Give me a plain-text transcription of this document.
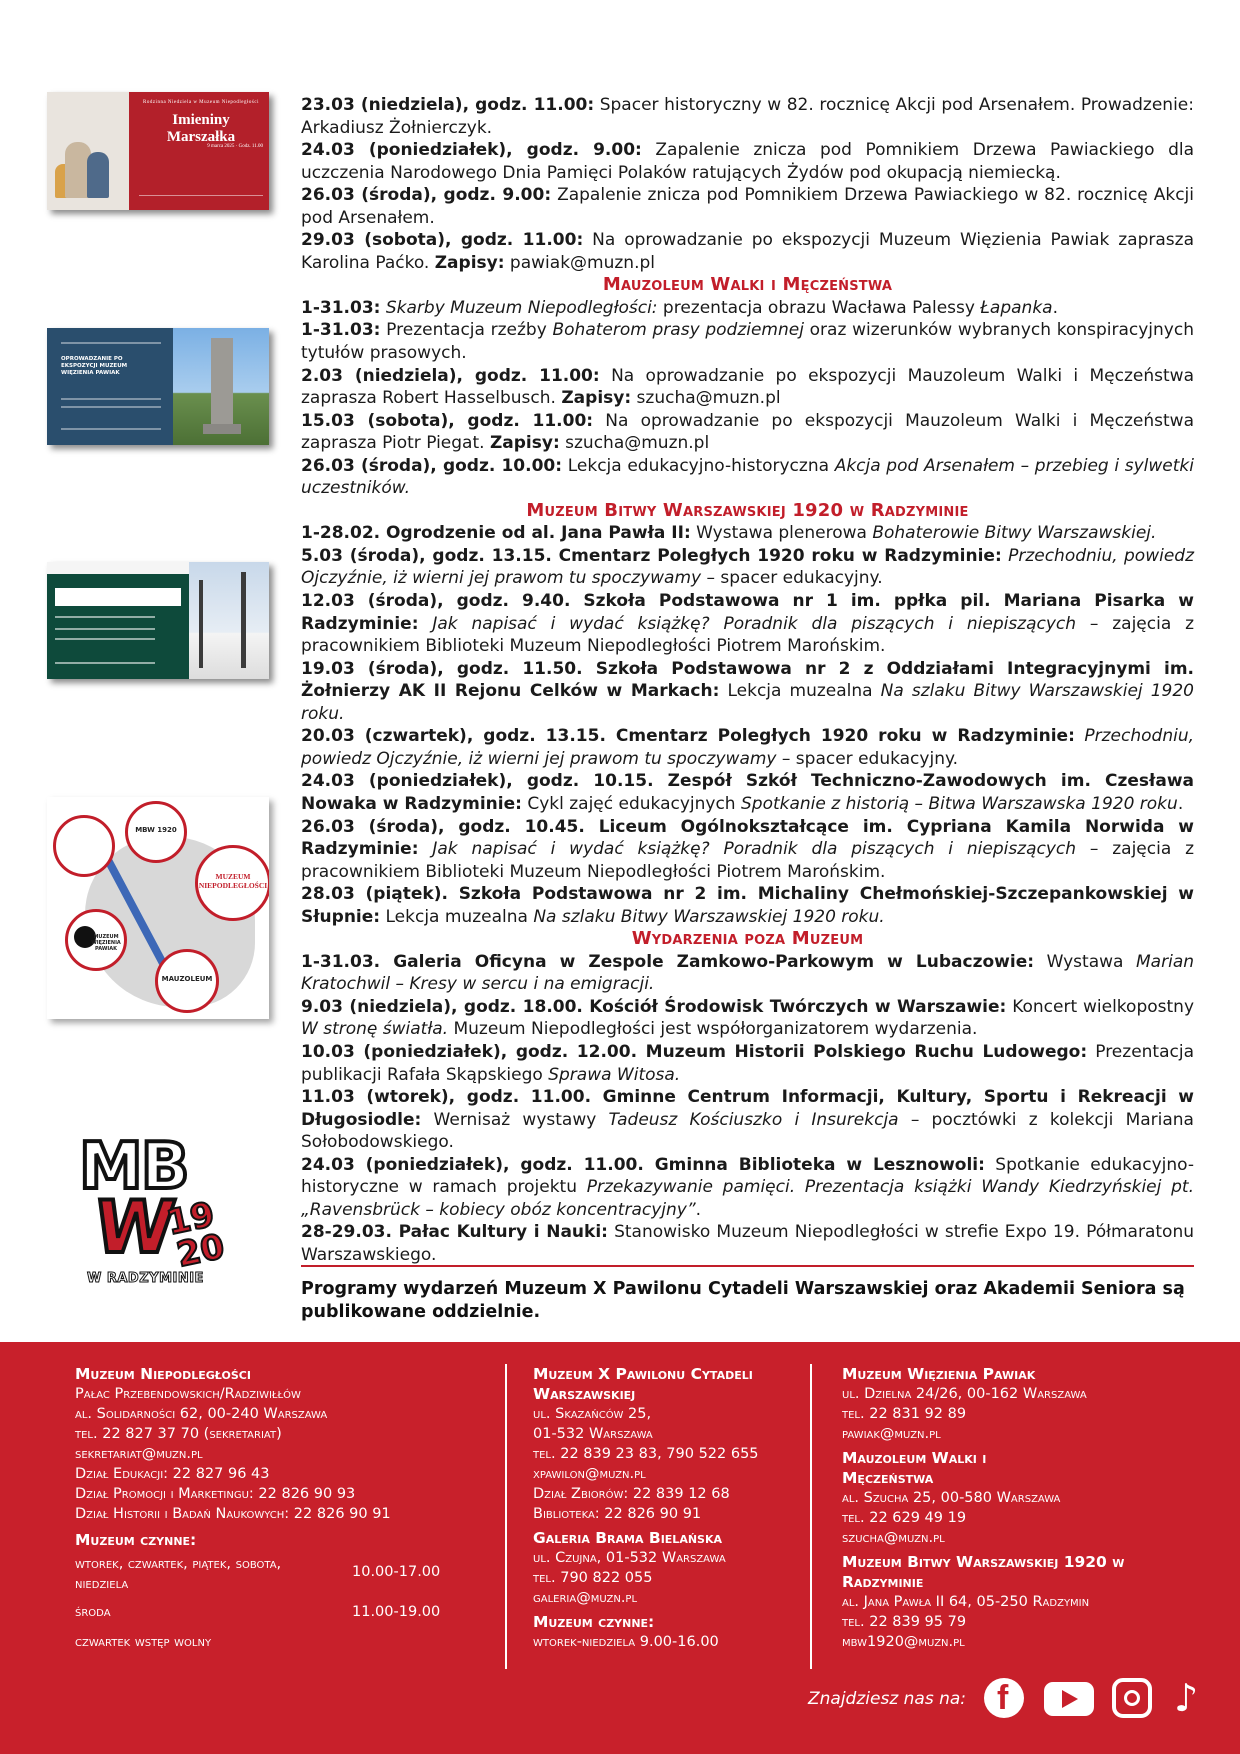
Rodzinna Niedziela w Muzeum Niepodległości
Imieniny Marszałka
9 marca 2025 · Godz. 11.00
OPROWADZANIE PO EKSPOZYCJI MUZEUM WIĘZIENIA PAWIAK
MBW 1920
MUZEUM NIEPODLEGŁOŚCI
MUZEUM WIĘZIENIA PAWIAK
MAUZOLEUM
MB
W
19
20
W RADZYMINIE

23.03 (niedziela), godz. 11.00: Spacer historyczny w 82. rocznicę Akcji pod Arsenałem. Prowadzenie: Arkadiusz Żołnierczyk.

24.03 (poniedziałek), godz. 9.00: Zapalenie znicza pod Pomnikiem Drzewa Pawiackiego dla uczczenia Narodowego Dnia Pamięci Polaków ratujących Żydów pod okupacją niemiecką.

26.03 (środa), godz. 9.00: Zapalenie znicza pod Pomnikiem Drzewa Pawiackiego w 82. rocznicę Akcji pod Arsenałem.

29.03 (sobota), godz. 11.00: Na oprowadzanie po ekspozycji Muzeum Więzienia Pawiak zaprasza Karolina Paćko. Zapisy: pawiak@muzn.pl

Mauzoleum Walki i Męczeństwa

1-31.03: Skarby Muzeum Niepodległości: prezentacja obrazu Wacława Palessy Łapanka.

1-31.03: Prezentacja rzeźby Bohaterom prasy podziemnej oraz wizerunków wybranych konspiracyjnych tytułów prasowych.

2.03 (niedziela), godz. 11.00: Na oprowadzanie po ekspozycji Mauzoleum Walki i Męczeństwa zaprasza Robert Hasselbusch. Zapisy: szucha@muzn.pl

15.03 (sobota), godz. 11.00: Na oprowadzanie po ekspozycji Mauzoleum Walki i Męczeństwa zaprasza Piotr Piegat. Zapisy: szucha@muzn.pl

26.03 (środa), godz. 10.00: Lekcja edukacyjno-historyczna Akcja pod Arsenałem – przebieg i sylwetki uczestników.

Muzeum Bitwy Warszawskiej 1920 w Radzyminie

1-28.02. Ogrodzenie od al. Jana Pawła II: Wystawa plenerowa Bohaterowie Bitwy Warszawskiej.

5.03 (środa), godz. 13.15. Cmentarz Poległych 1920 roku w Radzyminie: Przechodniu, powiedz Ojczyźnie, iż wierni jej prawom tu spoczywamy – spacer edukacyjny.

12.03 (środa), godz. 9.40. Szkoła Podstawowa nr 1 im. ppłka pil. Mariana Pisarka w Radzyminie: Jak napisać i wydać książkę? Poradnik dla piszących i niepiszących – zajęcia z pracownikiem Biblioteki Muzeum Niepodległości Piotrem Marońskim.

19.03 (środa), godz. 11.50. Szkoła Podstawowa nr 2 z Oddziałami Integracyjnymi im. Żołnierzy AK II Rejonu Celków w Markach: Lekcja muzealna Na szlaku Bitwy Warszawskiej 1920 roku.

20.03 (czwartek), godz. 13.15. Cmentarz Poległych 1920 roku w Radzyminie: Przechodniu, powiedz Ojczyźnie, iż wierni jej prawom tu spoczywamy – spacer edukacyjny.

24.03 (poniedziałek), godz. 10.15. Zespół Szkół Techniczno-Zawodowych im. Czesława Nowaka w Radzyminie: Cykl zajęć edukacyjnych Spotkanie z historią – Bitwa Warszawska 1920 roku.

26.03 (środa), godz. 10.45. Liceum Ogólnokształcące im. Cypriana Kamila Norwida w Radzyminie: Jak napisać i wydać książkę? Poradnik dla piszących i niepiszących – zajęcia z pracownikiem Biblioteki Muzeum Niepodległości Piotrem Marońskim.

28.03 (piątek). Szkoła Podstawowa nr 2 im. Michaliny Chełmońskiej-Szczepankowskiej w Słupnie: Lekcja muzealna Na szlaku Bitwy Warszawskiej 1920 roku.

Wydarzenia poza Muzeum

1-31.03. Galeria Oficyna w Zespole Zamkowo-Parkowym w Lubaczowie: Wystawa Marian Kratochwil – Kresy w sercu i na emigracji.

9.03 (niedziela), godz. 18.00. Kościół Środowisk Twórczych w Warszawie: Koncert wielkopostny W stronę światła. Muzeum Niepodległości jest współorganizatorem wydarzenia.

10.03 (poniedziałek), godz. 12.00. Muzeum Historii Polskiego Ruchu Ludowego: Prezentacja publikacji Rafała Skąpskiego Sprawa Witosa.

11.03 (wtorek), godz. 11.00. Gminne Centrum Informacji, Kultury, Sportu i Rekreacji w Długosiodle: Wernisaż wystawy Tadeusz Kościuszko i Insurekcja – pocztówki z kolekcji Mariana Sołobodowskiego.

24.03 (poniedziałek), godz. 11.00. Gminna Biblioteka w Lesznowoli: Spotkanie edukacyjno-historyczne w ramach projektu Przekazywanie pamięci. Prezentacja książki Wandy Kiedrzyńskiej pt. „Ravensbrück – kobiecy obóz koncentracyjny”.

28-29.03. Pałac Kultury i Nauki: Stanowisko Muzeum Niepodległości w strefie Expo 19. Półmaratonu Warszawskiego.

Programy wydarzeń Muzeum X Pawilonu Cytadeli Warszawskiej oraz Akademii Seniora są publikowane oddzielnie.
Muzeum Niepodległości
Pałac Przebendowskich/Radziwiłłów
al. Solidarności 62, 00-240 Warszawa
tel. 22 827 37 70 (sekretariat)
sekretariat@muzn.pl
Dział Edukacji: 22 827 96 43
Dział Promocji i Marketingu: 22 826 90 93
Dział Historii i Badań Naukowych: 22 826 90 91
Muzeum czynne:
wtorek, czwartek, piątek, sobota, niedziela
10.00-17.00
środa	11.00-19.00
czwartek wstęp wolny
Muzeum X Pawilonu Cytadeli Warszawskiej
ul. Skazańców 25,
01-532 Warszawa
tel. 22 839 23 83, 790 522 655
xpawilon@muzn.pl
Dział Zbiorów: 22 839 12 68
Biblioteka: 22 826 90 91
Galeria Brama Bielańska
ul. Czujna, 01-532 Warszawa
tel. 790 822 055
galeria@muzn.pl
Muzeum czynne:
wtorek-niedziela 9.00-16.00
Muzeum Więzienia Pawiak
ul. Dzielna 24/26, 00-162 Warszawa
tel. 22 831 92 89
pawiak@muzn.pl
Mauzoleum Walki i Męczeństwa
al. Szucha 25, 00-580 Warszawa
tel. 22 629 49 19
szucha@muzn.pl
Muzeum Bitwy Warszawskiej 1920 w Radzyminie
al. Jana Pawła II 64, 05-250 Radzymin
tel. 22 839 95 79
mbw1920@muzn.pl
Znajdziesz nas na: f	♪
